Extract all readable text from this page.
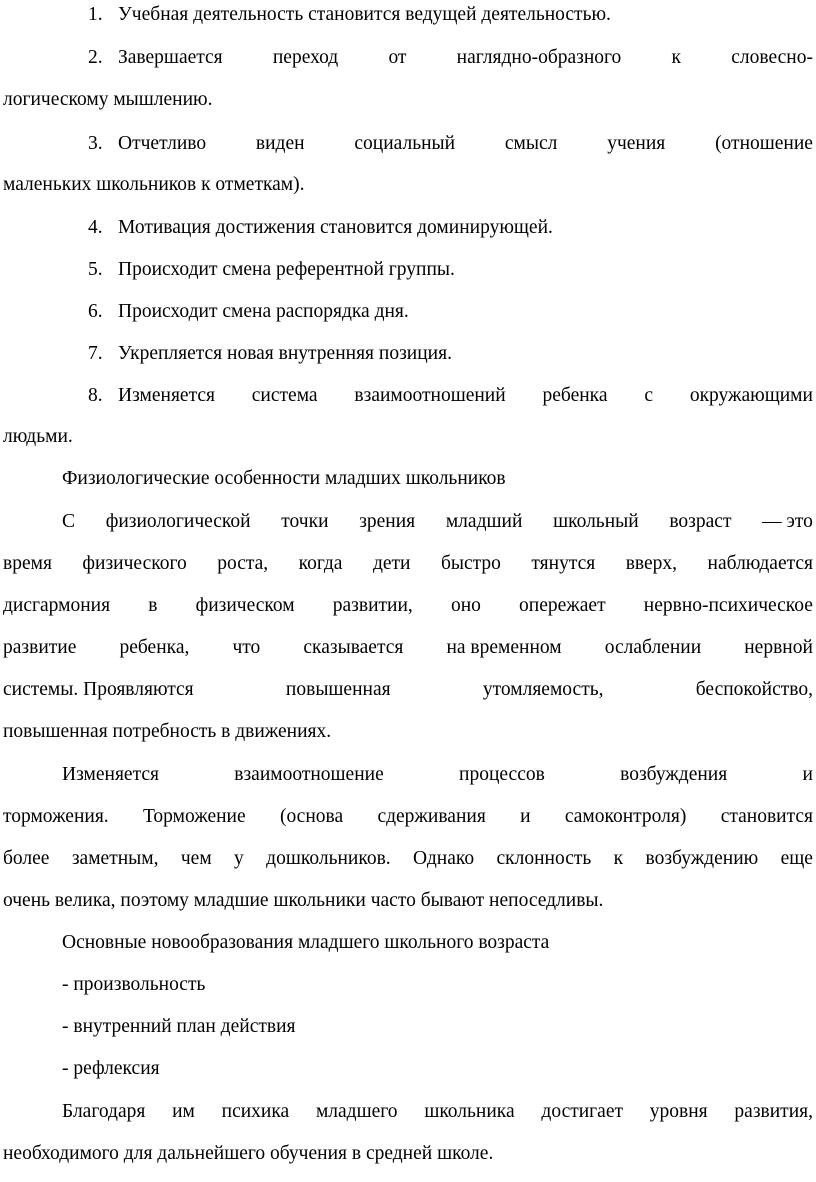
1. Учебная деятельность становится ведущей деятельностью.
2. Завершается	переход	от	наглядно-образного	к	словесно-
логическому мышлению.
3. Отчетливо	виден	социальный	смысл	учения	(отношение
маленьких школьников к отметкам).
4. Мотивация достижения становится доминирующей.
5. Происходит смена референтной группы.
6. Происходит смена распорядка дня.
7. Укрепляется новая внутренняя позиция.
8. Изменяется система взаимоотношений ребенка с окружающими
людьми.
Физиологические особенности младших школьников
С физиологической точки зрения младший школьный возраст — это
время физического роста, когда дети быстро тянутся вверх, наблюдается
дисгармония в физическом развитии, оно опережает нервно-психическое
развитие ребенка, что сказывается на временном ослаблении нервной
системы. Проявляются	повышенная	утомляемость,	беспокойство,
повышенная потребность в движениях.
Изменяется	взаимоотношение	процессов	возбуждения	и
торможения. Торможение (основа сдерживания и самоконтроля) становится
более заметным, чем у дошкольников. Однако склонность к возбуждению еще
очень велика, поэтому младшие школьники часто бывают непоседливы.
Основные новообразования младшего школьного возраста
- произвольность
- внутренний план действия
- рефлексия
Благодаря им психика младшего школьника достигает уровня развития,
необходимого для дальнейшего обучения в средней школе.
